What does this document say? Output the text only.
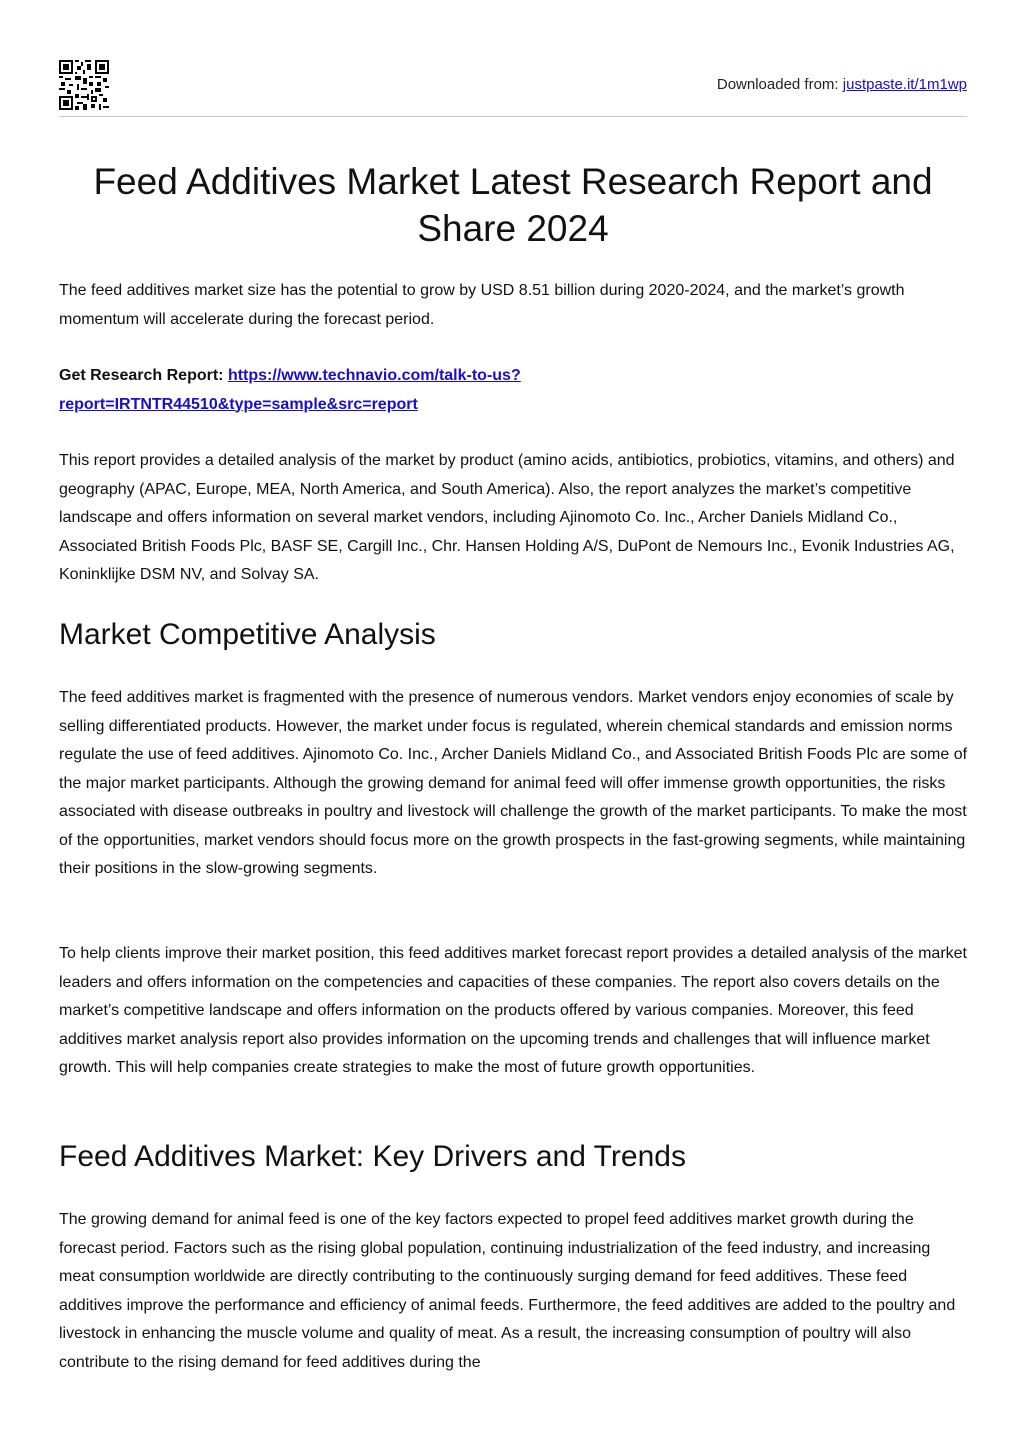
Downloaded from: justpaste.it/1m1wp
Feed Additives Market Latest Research Report and Share 2024

The feed additives market size has the potential to grow by USD 8.51 billion during 2020-2024, and the market’s growth momentum will accelerate during the forecast period.

Get Research Report: https://www.technavio.com/talk-to-us?
report=IRTNTR44510&type=sample&src=report

This report provides a detailed analysis of the market by product (amino acids, antibiotics, probiotics, vitamins, and others) and geography (APAC, Europe, MEA, North America, and South America). Also, the report analyzes the market’s competitive landscape and offers information on several market vendors, including Ajinomoto Co. Inc., Archer Daniels Midland Co., Associated British Foods Plc, BASF SE, Cargill Inc., Chr. Hansen Holding A/S, DuPont de Nemours Inc., Evonik Industries AG, Koninklijke DSM NV, and Solvay SA.

Market Competitive Analysis

The feed additives market is fragmented with the presence of numerous vendors. Market vendors enjoy economies of scale by selling differentiated products. However, the market under focus is regulated, wherein chemical standards and emission norms regulate the use of feed additives. Ajinomoto Co. Inc., Archer Daniels Midland Co., and Associated British Foods Plc are some of the major market participants. Although the growing demand for animal feed will offer immense growth opportunities, the risks associated with disease outbreaks in poultry and livestock will challenge the growth of the market participants. To make the most of the opportunities, market vendors should focus more on the growth prospects in the fast-growing segments, while maintaining their positions in the slow-growing segments.

To help clients improve their market position, this feed additives market forecast report provides a detailed analysis of the market leaders and offers information on the competencies and capacities of these companies. The report also covers details on the market’s competitive landscape and offers information on the products offered by various companies. Moreover, this feed additives market analysis report also provides information on the upcoming trends and challenges that will influence market growth. This will help companies create strategies to make the most of future growth opportunities.

Feed Additives Market: Key Drivers and Trends

The growing demand for animal feed is one of the key factors expected to propel feed additives market growth during the forecast period. Factors such as the rising global population, continuing industrialization of the feed industry, and increasing meat consumption worldwide are directly contributing to the continuously surging demand for feed additives. These feed additives improve the performance and efficiency of animal feeds. Furthermore, the feed additives are added to the poultry and livestock in enhancing the muscle volume and quality of meat. As a result, the increasing consumption of poultry will also contribute to the rising demand for feed additives during the
